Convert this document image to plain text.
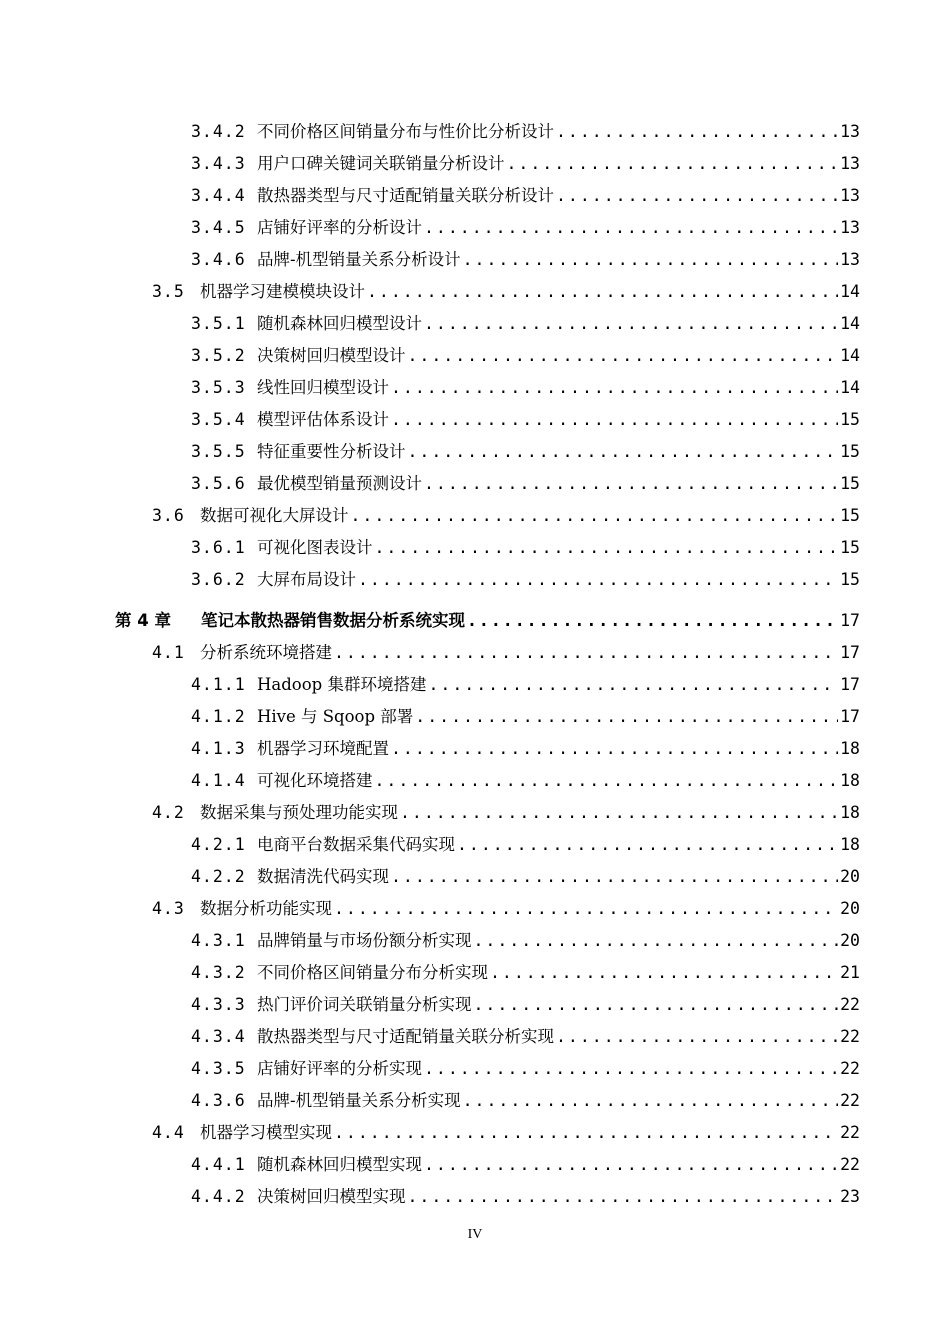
3.4.2 不同价格区间销量分布与性价比分析设计 .....	13
3.4.3 用户口碑关键词关联销量分析设计 .....	13
3.4.4 散热器类型与尺寸适配销量关联分析设计 .....	13
3.4.5 店铺好评率的分析设计 .....	13
3.4.6 品牌-机型销量关系分析设计 .....	13
3.5 机器学习建模模块设计 .....	14
3.5.1 随机森林回归模型设计 .....	14
3.5.2 决策树回归模型设计 .....	14
3.5.3 线性回归模型设计 .....	14
3.5.4 模型评估体系设计 .....	15
3.5.5 特征重要性分析设计 .....	15
3.5.6 最优模型销量预测设计 .....	15
3.6 数据可视化大屏设计 .....	15
3.6.1 可视化图表设计 .....	15
3.6.2 大屏布局设计 .....	15
第 4 章	笔记本散热器销售数据分析系统实现 .....	17
4.1 分析系统环境搭建 .....	17
4.1.1 Hadoop 集群环境搭建 .....	17
4.1.2 Hive 与 Sqoop 部署 .....	17
4.1.3 机器学习环境配置 .....	18
4.1.4 可视化环境搭建 .....	18
4.2 数据采集与预处理功能实现 .....	18
4.2.1 电商平台数据采集代码实现 .....	18
4.2.2 数据清洗代码实现 .....	20
4.3 数据分析功能实现 .....	20
4.3.1 品牌销量与市场份额分析实现 .....	20
4.3.2 不同价格区间销量分布分析实现 .....	21
4.3.3 热门评价词关联销量分析实现 .....	22
4.3.4 散热器类型与尺寸适配销量关联分析实现 .....	22
4.3.5 店铺好评率的分析实现 .....	22
4.3.6 品牌-机型销量关系分析实现 .....	22
4.4 机器学习模型实现 .....	22
4.4.1 随机森林回归模型实现 .....	22
4.4.2 决策树回归模型实现 .....	23
IV
